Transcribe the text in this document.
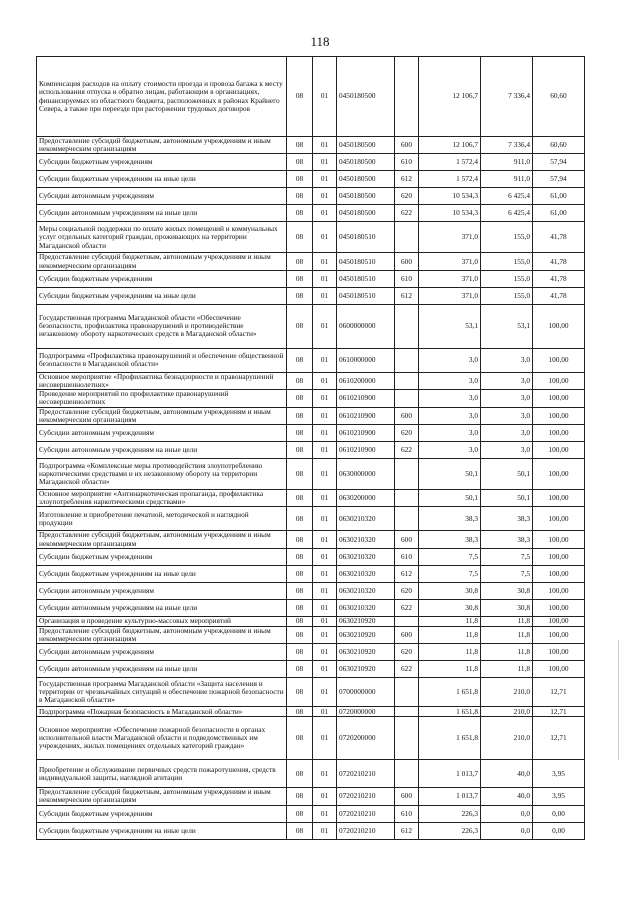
118
Компенсация расходов на оплату стоимости проезда и провоза багажа к месту использования отпуска и обратно лицам, работающим в организациях, финансируемых из областного бюджета, расположенных в районах Крайнего Севера, а также при переезде при расторжении трудовых договоров	08	01	0450180500		12 106,7	7 336,4	60,60
Предоставление субсидий бюджетным, автономным учреждениям и иным некоммерческим организациям	08	01	0450180500	600	12 106,7	7 336,4	60,60
Субсидии бюджетным учреждениям	08	01	0450180500	610	1 572,4	911,0	57,94
Субсидии бюджетным учреждениям на иные цели	08	01	0450180500	612	1 572,4	911,0	57,94
Субсидии автономным учреждениям	08	01	0450180500	620	10 534,3	6 425,4	61,00
Субсидии автономным учреждениям на иные цели	08	01	0450180500	622	10 534,3	6 425,4	61,00
Меры социальной поддержки по оплате жилых помещений и коммунальных услуг отдельных категорий граждан, проживающих на территории Магаданской области	08	01	0450180510		371,0	155,0	41,78
Предоставление субсидий бюджетным, автономным учреждениям и иным некоммерческим организациям	08	01	0450180510	600	371,0	155,0	41,78
Субсидии бюджетным учреждениям	08	01	0450180510	610	371,0	155,0	41,78
Субсидии бюджетным учреждениям на иные цели	08	01	0450180510	612	371,0	155,0	41,78
Государственная программа Магаданской области «Обеспечение безопасности, профилактика правонарушений и противодействие незаконному обороту наркотических средств в Магаданской области»	08	01	0600000000		53,1	53,1	100,00
Подпрограмма «Профилактика правонарушений и обеспечение общественной безопасности в Магаданской области»	08	01	0610000000		3,0	3,0	100,00
Основное мероприятие «Профилактика безнадзорности и правонарушений несовершеннолетних»	08	01	0610200000		3,0	3,0	100,00
Проведение мероприятий по профилактике правонарушений несовершеннолетних	08	01	0610210900		3,0	3,0	100,00
Предоставление субсидий бюджетным, автономным учреждениям и иным некоммерческим организациям	08	01	0610210900	600	3,0	3,0	100,00
Субсидии автономным учреждениям	08	01	0610210900	620	3,0	3,0	100,00
Субсидии автономным учреждениям на иные цели	08	01	0610210900	622	3,0	3,0	100,00
Подпрограмма «Комплексные меры противодействия злоупотреблению наркотическими средствами и их незаконному обороту на территории Магаданской области»	08	01	0630000000		50,1	50,1	100,00
Основное мероприятие «Антинаркотическая пропаганда, профилактика злоупотребления наркотическими средствами»	08	01	0630200000		50,1	50,1	100,00
Изготовление и приобретение печатной, методической и наглядной продукции	08	01	0630210320		38,3	38,3	100,00
Предоставление субсидий бюджетным, автономным учреждениям и иным некоммерческим организациям	08	01	0630210320	600	38,3	38,3	100,00
Субсидии бюджетным учреждениям	08	01	0630210320	610	7,5	7,5	100,00
Субсидии бюджетным учреждениям на иные цели	08	01	0630210320	612	7,5	7,5	100,00
Субсидии автономным учреждениям	08	01	0630210320	620	30,8	30,8	100,00
Субсидии автономным учреждениям на иные цели	08	01	0630210320	622	30,8	30,8	100,00
Организация и проведение культурно-массовых мероприятий	08	01	0630210920		11,8	11,8	100,00
Предоставление субсидий бюджетным, автономным учреждениям и иным некоммерческим организациям	08	01	0630210920	600	11,8	11,8	100,00
Субсидии автономным учреждениям	08	01	0630210920	620	11,8	11,8	100,00
Субсидии автономным учреждениям на иные цели	08	01	0630210920	622	11,8	11,8	100,00
Государственная программа Магаданской области «Защита населения и территории от чрезвычайных ситуаций и обеспечение пожарной безопасности в Магаданской области»	08	01	0700000000		1 651,8	210,0	12,71
Подпрограмма «Пожарная безопасность в Магаданской области»	08	01	0720000000		1 651,8	210,0	12,71
Основное мероприятие «Обеспечение пожарной безопасности в органах исполнительной власти Магаданской области и подведомственных им учреждениях, жилых помещениях отдельных категорий граждан»	08	01	0720200000		1 651,8	210,0	12,71
Приобретение и обслуживание первичных средств пожаротушения, средств индивидуальной защиты, наглядной агитации	08	01	0720210210		1 013,7	40,0	3,95
Предоставление субсидий бюджетным, автономным учреждениям и иным некоммерческим организациям	08	01	0720210210	600	1 013,7	40,0	3,95
Субсидии бюджетным учреждениям	08	01	0720210210	610	226,3	0,0	0,00
Субсидии бюджетным учреждениям на иные цели	08	01	0720210210	612	226,3	0,0	0,00
